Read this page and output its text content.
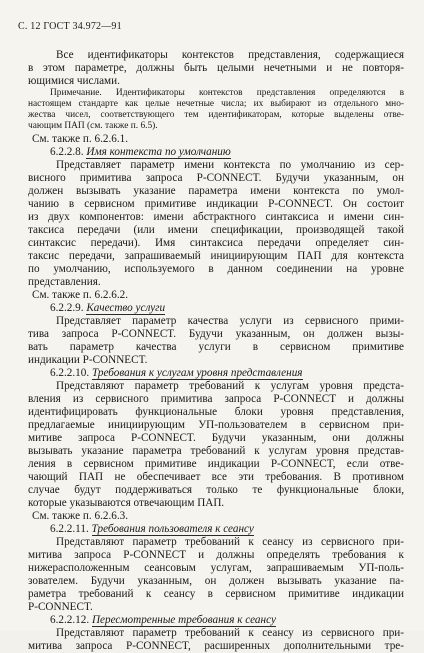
С. 12 ГОСТ 34.972—91
Все идентификаторы контекстов представления, содержащиеся
в этом параметре, должны быть целыми нечетными и не повторя-
ющимися числами.
Примечание. Идентификаторы контекстов представления определяются в
настоящем стандарте как целые нечетные числа; их выбирают из отдельного мно-
жества чисел, соответствующего тем идентификаторам, которые выделены отве-
чающим ПАП (см. также п. 6.5).
См. также п. 6.2.6.1.
6.2.2.8. Имя контекста по умолчанию
Представляет параметр имени контекста по умолчанию из сер-
висного примитива запроса P-CONNECT. Будучи указанным, он
должен вызывать указание параметра имени контекста по умол-
чанию в сервисном примитиве индикации P-CONNECT. Он состоит
из двух компонентов: имени абстрактного синтаксиса и имени син-
таксиса передачи (или имени спецификации, производящей такой
синтаксис передачи). Имя синтаксиса передачи определяет син-
таксис передачи, запрашиваемый инициирующим ПАП для контекста
по умолчанию, используемого в данном соединении на уровне
представления.
См. также п. 6.2.6.2.
6.2.2.9. Качество услуги
Представляет параметр качества услуги из сервисного прими-
тива запроса P-CONNECT. Будучи указанным, он должен вызы-
вать параметр качества услуги в сервисном примитиве
индикации P-CONNECT.
6.2.2.10. Требования к услугам уровня представления
Представляют параметр требований к услугам уровня предста-
вления из сервисного примитива запроса P-CONNECT и должны
идентифицировать функциональные блоки уровня представления,
предлагаемые инициирующим УП-пользователем в сервисном при-
митиве запроса P-CONNECT. Будучи указанным, они должны
вызывать указание параметра требований к услугам уровня представ-
ления в сервисном примитиве индикации P-CONNECT, если отве-
чающий ПАП не обеспечивает все эти требования. В противном
случае будут поддерживаться только те функциональные блоки,
которые указываются отвечающим ПАП.
См. также п. 6.2.6.3.
6.2.2.11. Требования пользователя к сеансу
Представляют параметр требований к сеансу из сервисного при-
митива запроса P-CONNECT и должны определять требования к
нижерасположенным сеансовым услугам, запрашиваемым УП-поль-
зователем. Будучи указанным, он должен вызывать указание па-
раметра требований к сеансу в сервисном примитиве индикации
P-CONNECT.
6.2.2.12. Пересмотренные требования к сеансу
Представляют параметр требований к сеансу из сервисного при-
митива запроса P-CONNECT, расширенных дополнительными тре-
